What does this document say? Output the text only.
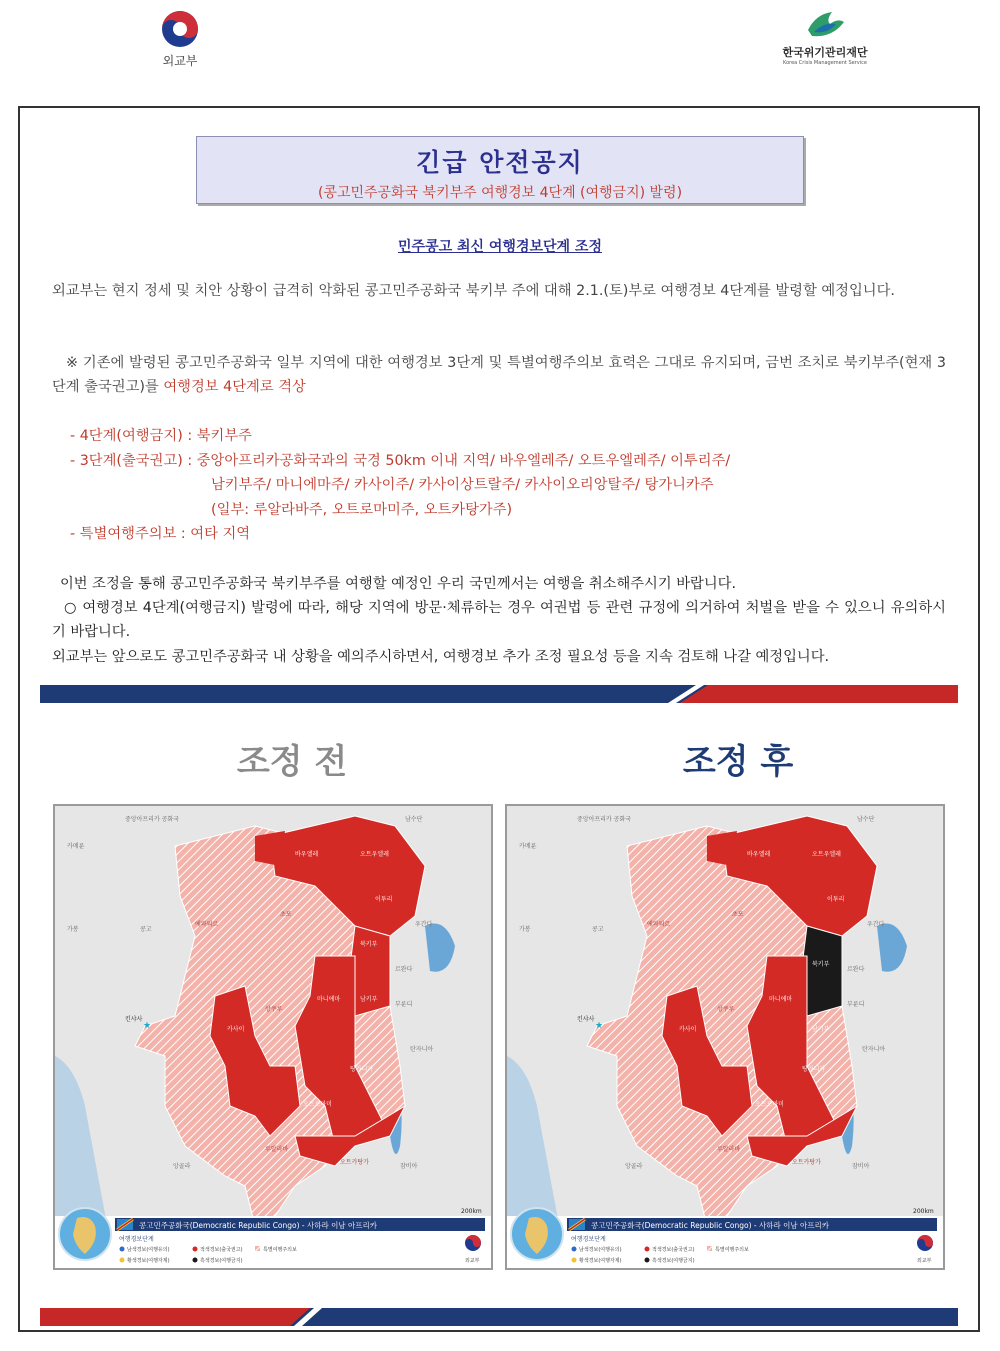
외교부
한국위기관리재단
Korea Crisis Management Service
긴급 안전공지
(콩고민주공화국 북키부주 여행경보 4단계 (여행금지) 발령)
민주콩고 최신 여행경보단계 조정
외교부는 현지 정세 및 치안 상황이 급격히 악화된 콩고민주공화국 북키부 주에 대해 2.1.(토)부로 여행경보 4단계를 발령할 예정입니다.
※ 기존에 발령된 콩고민주공화국 일부 지역에 대한 여행경보 3단계 및 특별여행주의보 효력은 그대로 유지되며, 금번 조치로 북키부주(현재 3단계 출국권고)를 여행경보 4단계로 격상
- 4단계(여행금지) : 북키부주
- 3단계(출국권고) : 중앙아프리카공화국과의 국경 50km 이내 지역/ 바우엘레주/ 오트우엘레주/ 이투리주/
남키부주/ 마니에마주/ 카사이주/ 카사이상트랄주/ 카사이오리앙탈주/ 탕가니카주
(일부: 루알라바주, 오트로마미주, 오트카탕가주)
- 특별여행주의보 : 여타 지역
이번 조정을 통해 콩고민주공화국 북키부주를 여행할 예정인 우리 국민께서는 여행을 취소해주시기 바랍니다.
○ 여행경보 4단계(여행금지) 발령에 따라, 해당 지역에 방문·체류하는 경우 여권법 등 관련 규정에 의거하여 처벌을 받을 수 있으니 유의하시기 바랍니다.
외교부는 앞으로도 콩고민주공화국 내 상황을 예의주시하면서, 여행경보 추가 조정 필요성 등을 지속 검토해 나갈 예정입니다.
조정 전	조정 후
중앙아프리카 공화국	남수단
카메룬
가봉	콩고
우간다
르완다
부룬디
탄자니아
앙골라	잠비아
킨샤사
★
북키부
바우엘레	오트우엘레
이투리
남키부
마니에마
카사이
탕가니카
오트로마미
루알라바
오트카탕가
에콰퇴르
초포
상쿠루
콩고민주공화국(Democratic Republic Congo) - 사하라 이남 아프리카
200km
여행경보단계
남색경보(여행유의)	적색경보(출국권고)	특별여행주의보
황색경보(여행자제)	흑색경보(여행금지)	외교부
중앙아프리카 공화국	남수단
카메룬
가봉	콩고
우간다
르완다
부룬디
탄자니아
앙골라	잠비아
킨샤사
★
북키부
바우엘레	오트우엘레
이투리
남키부
마니에마
카사이
탕가니카
오트로마미
루알라바
오트카탕가
에콰퇴르
초포
상쿠루
콩고민주공화국(Democratic Republic Congo) - 사하라 이남 아프리카
200km
여행경보단계
남색경보(여행유의)	적색경보(출국권고)	특별여행주의보
황색경보(여행자제)	흑색경보(여행금지)	외교부
